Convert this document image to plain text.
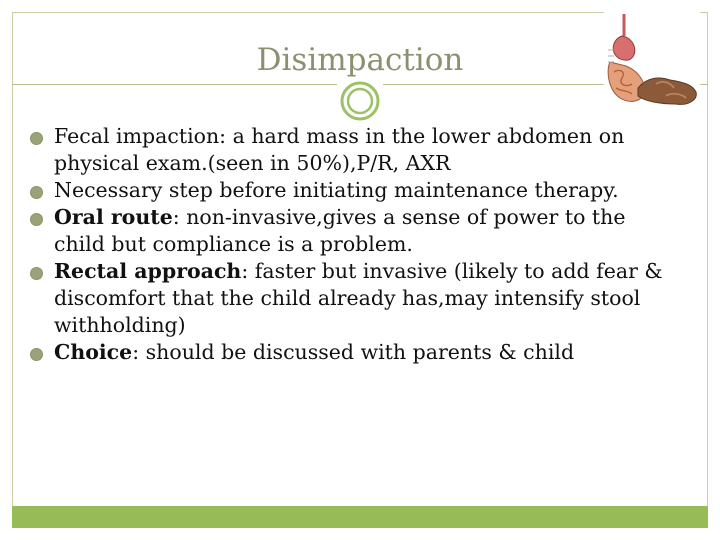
Disimpaction
Fecal impaction: a hard mass in the lower abdomen on physical exam.(seen in 50%),P/R, AXR
Necessary step before initiating maintenance therapy.
Oral route: non-invasive,gives a sense of power to the child but compliance is a problem.
Rectal approach: faster but invasive (likely to add fear & discomfort that the child already has,may intensify stool withholding)
Choice: should be discussed with parents & child
